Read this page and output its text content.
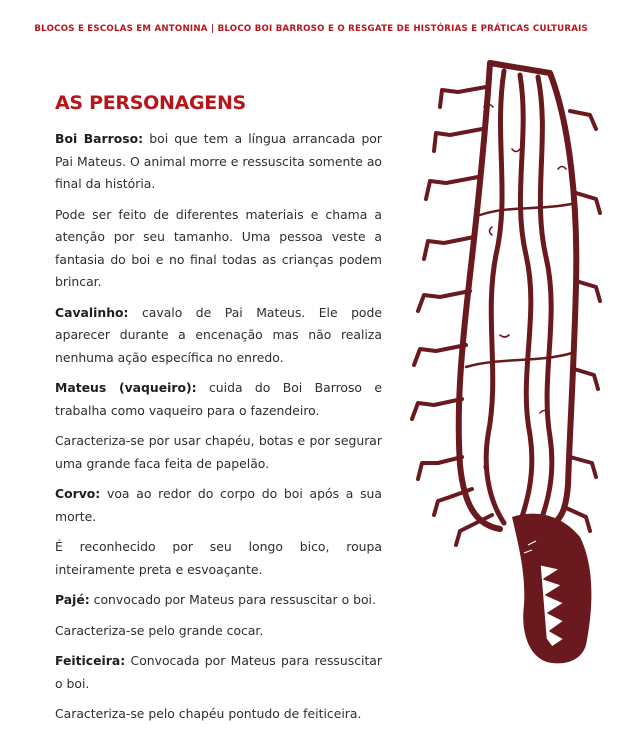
BLOCOS E ESCOLAS EM ANTONINA | BLOCO BOI BARROSO E O RESGATE DE HISTÓRIAS E PRÁTICAS CULTURAIS
AS PERSONAGENS

Boi Barroso: boi que tem a língua arrancada por Pai Mateus. O animal morre e ressuscita somente ao final da história.

Pode ser feito de diferentes materiais e chama a atenção por seu tamanho. Uma pessoa veste a fantasia do boi e no final todas as crianças podem brincar.

Cavalinho: cavalo de Pai Mateus. Ele pode aparecer durante a encenação mas não realiza nenhuma ação específica no enredo.

Mateus (vaqueiro): cuida do Boi Barroso e trabalha como vaqueiro para o fazendeiro.

Caracteriza-se por usar chapéu, botas e por segurar uma grande faca feita de papelão.

Corvo: voa ao redor do corpo do boi após a sua morte.

É reconhecido por seu longo bico, roupa inteiramente preta e esvoaçante.

Pajé: convocado por Mateus para ressuscitar o boi.

Caracteriza-se pelo grande cocar.

Feiticeira: Convocada por Mateus para ressuscitar o boi.

Caracteriza-se pelo chapéu pontudo de feiticeira.
